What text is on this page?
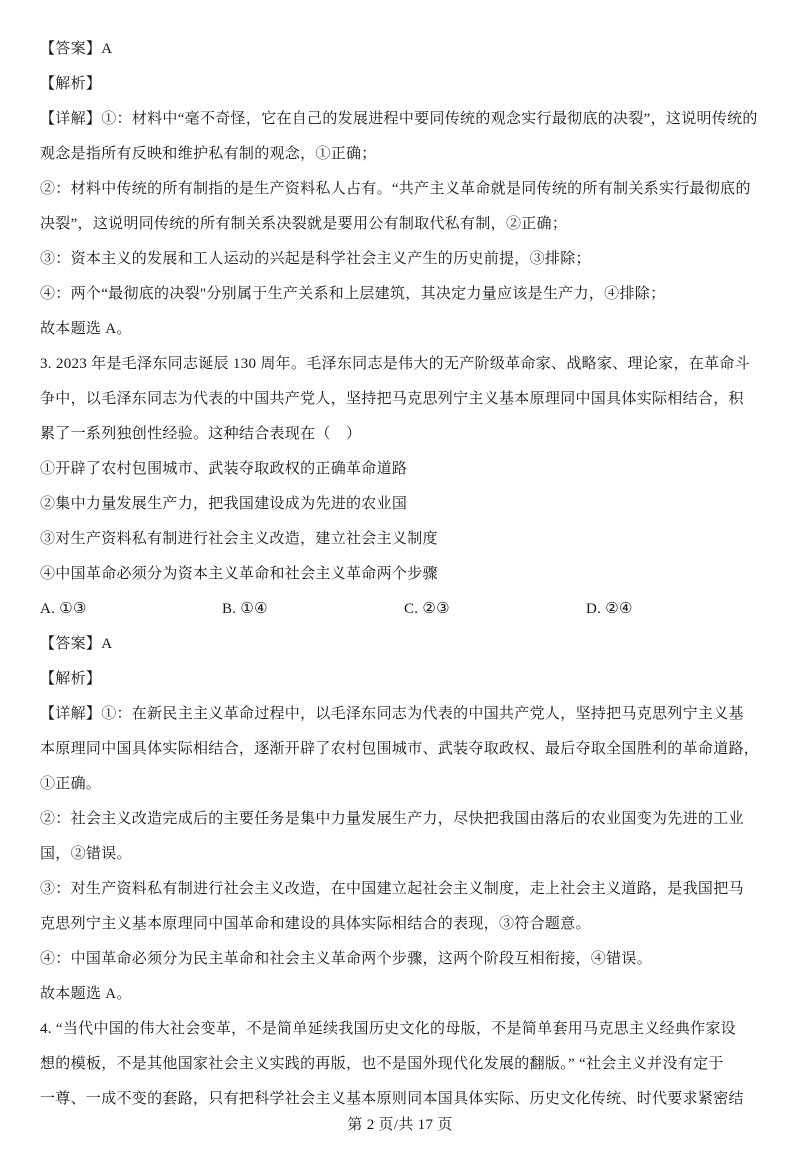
【答案】A
【解析】
【详解】①：材料中“毫不奇怪，它在自己的发展进程中要同传统的观念实行最彻底的决裂”，这说明传统的
观念是指所有反映和维护私有制的观念，①正确；
②：材料中传统的所有制指的是生产资料私人占有。“共产主义革命就是同传统的所有制关系实行最彻底的
决裂”，这说明同传统的所有制关系决裂就是要用公有制取代私有制，②正确；
③：资本主义的发展和工人运动的兴起是科学社会主义产生的历史前提，③排除；
④：两个“最彻底的决裂"分别属于生产关系和上层建筑，其决定力量应该是生产力，④排除；
故本题选 A。
3. 2023 年是毛泽东同志诞辰 130 周年。毛泽东同志是伟大的无产阶级革命家、战略家、理论家，在革命斗
争中，以毛泽东同志为代表的中国共产党人，坚持把马克思列宁主义基本原理同中国具体实际相结合，积
累了一系列独创性经验。这种结合表现在（　）
①开辟了农村包围城市、武装夺取政权的正确革命道路
②集中力量发展生产力，把我国建设成为先进的农业国
③对生产资料私有制进行社会主义改造，建立社会主义制度
④中国革命必须分为资本主义革命和社会主义革命两个步骤
A. ①③	B. ①④	C. ②③	D. ②④
【答案】A
【解析】
【详解】①：在新民主主义革命过程中，以毛泽东同志为代表的中国共产党人，坚持把马克思列宁主义基
本原理同中国具体实际相结合，逐渐开辟了农村包围城市、武装夺取政权、最后夺取全国胜利的革命道路，
①正确。
②：社会主义改造完成后的主要任务是集中力量发展生产力，尽快把我国由落后的农业国变为先进的工业
国，②错误。
③：对生产资料私有制进行社会主义改造，在中国建立起社会主义制度，走上社会主义道路，是我国把马
克思列宁主义基本原理同中国革命和建设的具体实际相结合的表现，③符合题意。
④：中国革命必须分为民主革命和社会主义革命两个步骤，这两个阶段互相衔接，④错误。
故本题选 A。
4. “当代中国的伟大社会变革，不是简单延续我国历史文化的母版，不是简单套用马克思主义经典作家设
想的模板，不是其他国家社会主义实践的再版，也不是国外现代化发展的翻版。” “社会主义并没有定于
一尊、一成不变的套路，只有把科学社会主义基本原则同本国具体实际、历史文化传统、时代要求紧密结
第 2 页/共 17 页
